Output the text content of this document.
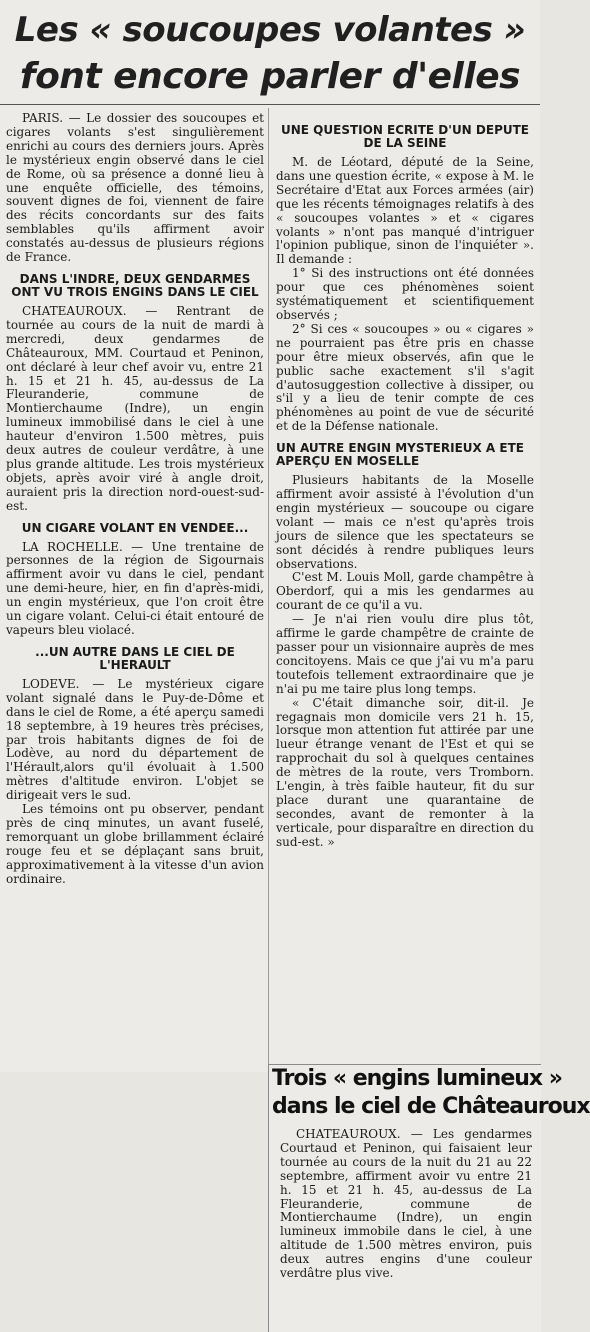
Les « soucoupes volantes »
font encore parler d'elles

PARIS. — Le dossier des soucoupes et cigares volants s'est singulièrement enrichi au cours des derniers jours. Après le mystérieux engin observé dans le ciel de Rome, où sa présence a donné lieu à une enquête officielle, des témoins, souvent dignes de foi, viennent de faire des récits concordants sur des faits semblables qu'ils affirment avoir constatés au-dessus de plusieurs régions de France.

DANS L'INDRE, DEUX GENDARMES ONT VU TROIS ENGINS DANS LE CIEL

CHATEAUROUX. — Rentrant de tournée au cours de la nuit de mardi à mercredi, deux gendarmes de Châteauroux, MM. Courtaud et Peninon, ont déclaré à leur chef avoir vu, entre 21 h. 15 et 21 h. 45, au-dessus de La Fleuranderie, commune de Montierchaume (Indre), un engin lumineux immobilisé dans le ciel à une hauteur d'environ 1.500 mètres, puis deux autres de couleur verdâtre, à une plus grande altitude. Les trois mystérieux objets, après avoir viré à angle droit, auraient pris la direction nord-ouest-sud-est.

UN CIGARE VOLANT EN VENDEE...

LA ROCHELLE. — Une trentaine de personnes de la région de Sigournais affirment avoir vu dans le ciel, pendant une demi-heure, hier, en fin d'après-midi, un engin mystérieux, que l'on croit être un cigare volant. Celui-ci était entouré de vapeurs bleu violacé.

...UN AUTRE DANS LE CIEL DE L'HERAULT

LODEVE. — Le mystérieux cigare volant signalé dans le Puy-de-Dôme et dans le ciel de Rome, a été aperçu samedi 18 septembre, à 19 heures très précises, par trois habitants dignes de foi de Lodève, au nord du département de l'Hérault,alors qu'il évoluait à 1.500 mètres d'altitude environ. L'objet se dirigeait vers le sud.

Les témoins ont pu observer, pendant près de cinq minutes, un avant fuselé, remorquant un globe brillamment éclairé rouge feu et se déplaçant sans bruit, approximativement à la vitesse d'un avion ordinaire.

UNE QUESTION ECRITE D'UN DEPUTE DE LA SEINE

M. de Léotard, député de la Seine, dans une question écrite, « expose à M. le Secrétaire d'Etat aux Forces armées (air) que les récents témoignages relatifs à des « soucoupes volantes » et « cigares volants » n'ont pas manqué d'intriguer l'opinion publique, sinon de l'inquiéter ». Il demande :

1° Si des instructions ont été données pour que ces phénomènes soient systématiquement et scientifiquement observés ;

2° Si ces « soucoupes » ou « cigares » ne pourraient pas être pris en chasse pour être mieux observés, afin que le public sache exactement s'il s'agit d'autosuggestion collective à dissiper, ou s'il y a lieu de tenir compte de ces phénomènes au point de vue de sécurité et de la Défense nationale.

UN AUTRE ENGIN MYSTERIEUX A ETE APERÇU EN MOSELLE

Plusieurs habitants de la Moselle affirment avoir assisté à l'évolution d'un engin mystérieux — soucoupe ou cigare volant — mais ce n'est qu'après trois jours de silence que les spectateurs se sont décidés à rendre publiques leurs observations.

C'est M. Louis Moll, garde champêtre à Oberdorf, qui a mis les gendarmes au courant de ce qu'il a vu.

— Je n'ai rien voulu dire plus tôt, affirme le garde champêtre de crainte de passer pour un visionnaire auprès de mes concitoyens. Mais ce que j'ai vu m'a paru toutefois tellement extraordinaire que je n'ai pu me taire plus long temps.

« C'était dimanche soir, dit-il. Je regagnais mon domicile vers 21 h. 15, lorsque mon attention fut attirée par une lueur étrange venant de l'Est et qui se rapprochait du sol à quelques centaines de mètres de la route, vers Tromborn. L'engin, à très faible hauteur, fit du sur place durant une quarantaine de secondes, avant de remonter à la verticale, pour disparaître en direction du sud-est. »

Trois « engins lumineux »
dans le ciel de Châteauroux

CHATEAUROUX. — Les gendarmes Courtaud et Peninon, qui faisaient leur tournée au cours de la nuit du 21 au 22 septembre, affirment avoir vu entre 21 h. 15 et 21 h. 45, au-dessus de La Fleuranderie, commune de Montierchaume (Indre), un engin lumineux immobile dans le ciel, à une altitude de 1.500 mètres environ, puis deux autres engins d'une couleur verdâtre plus vive.
